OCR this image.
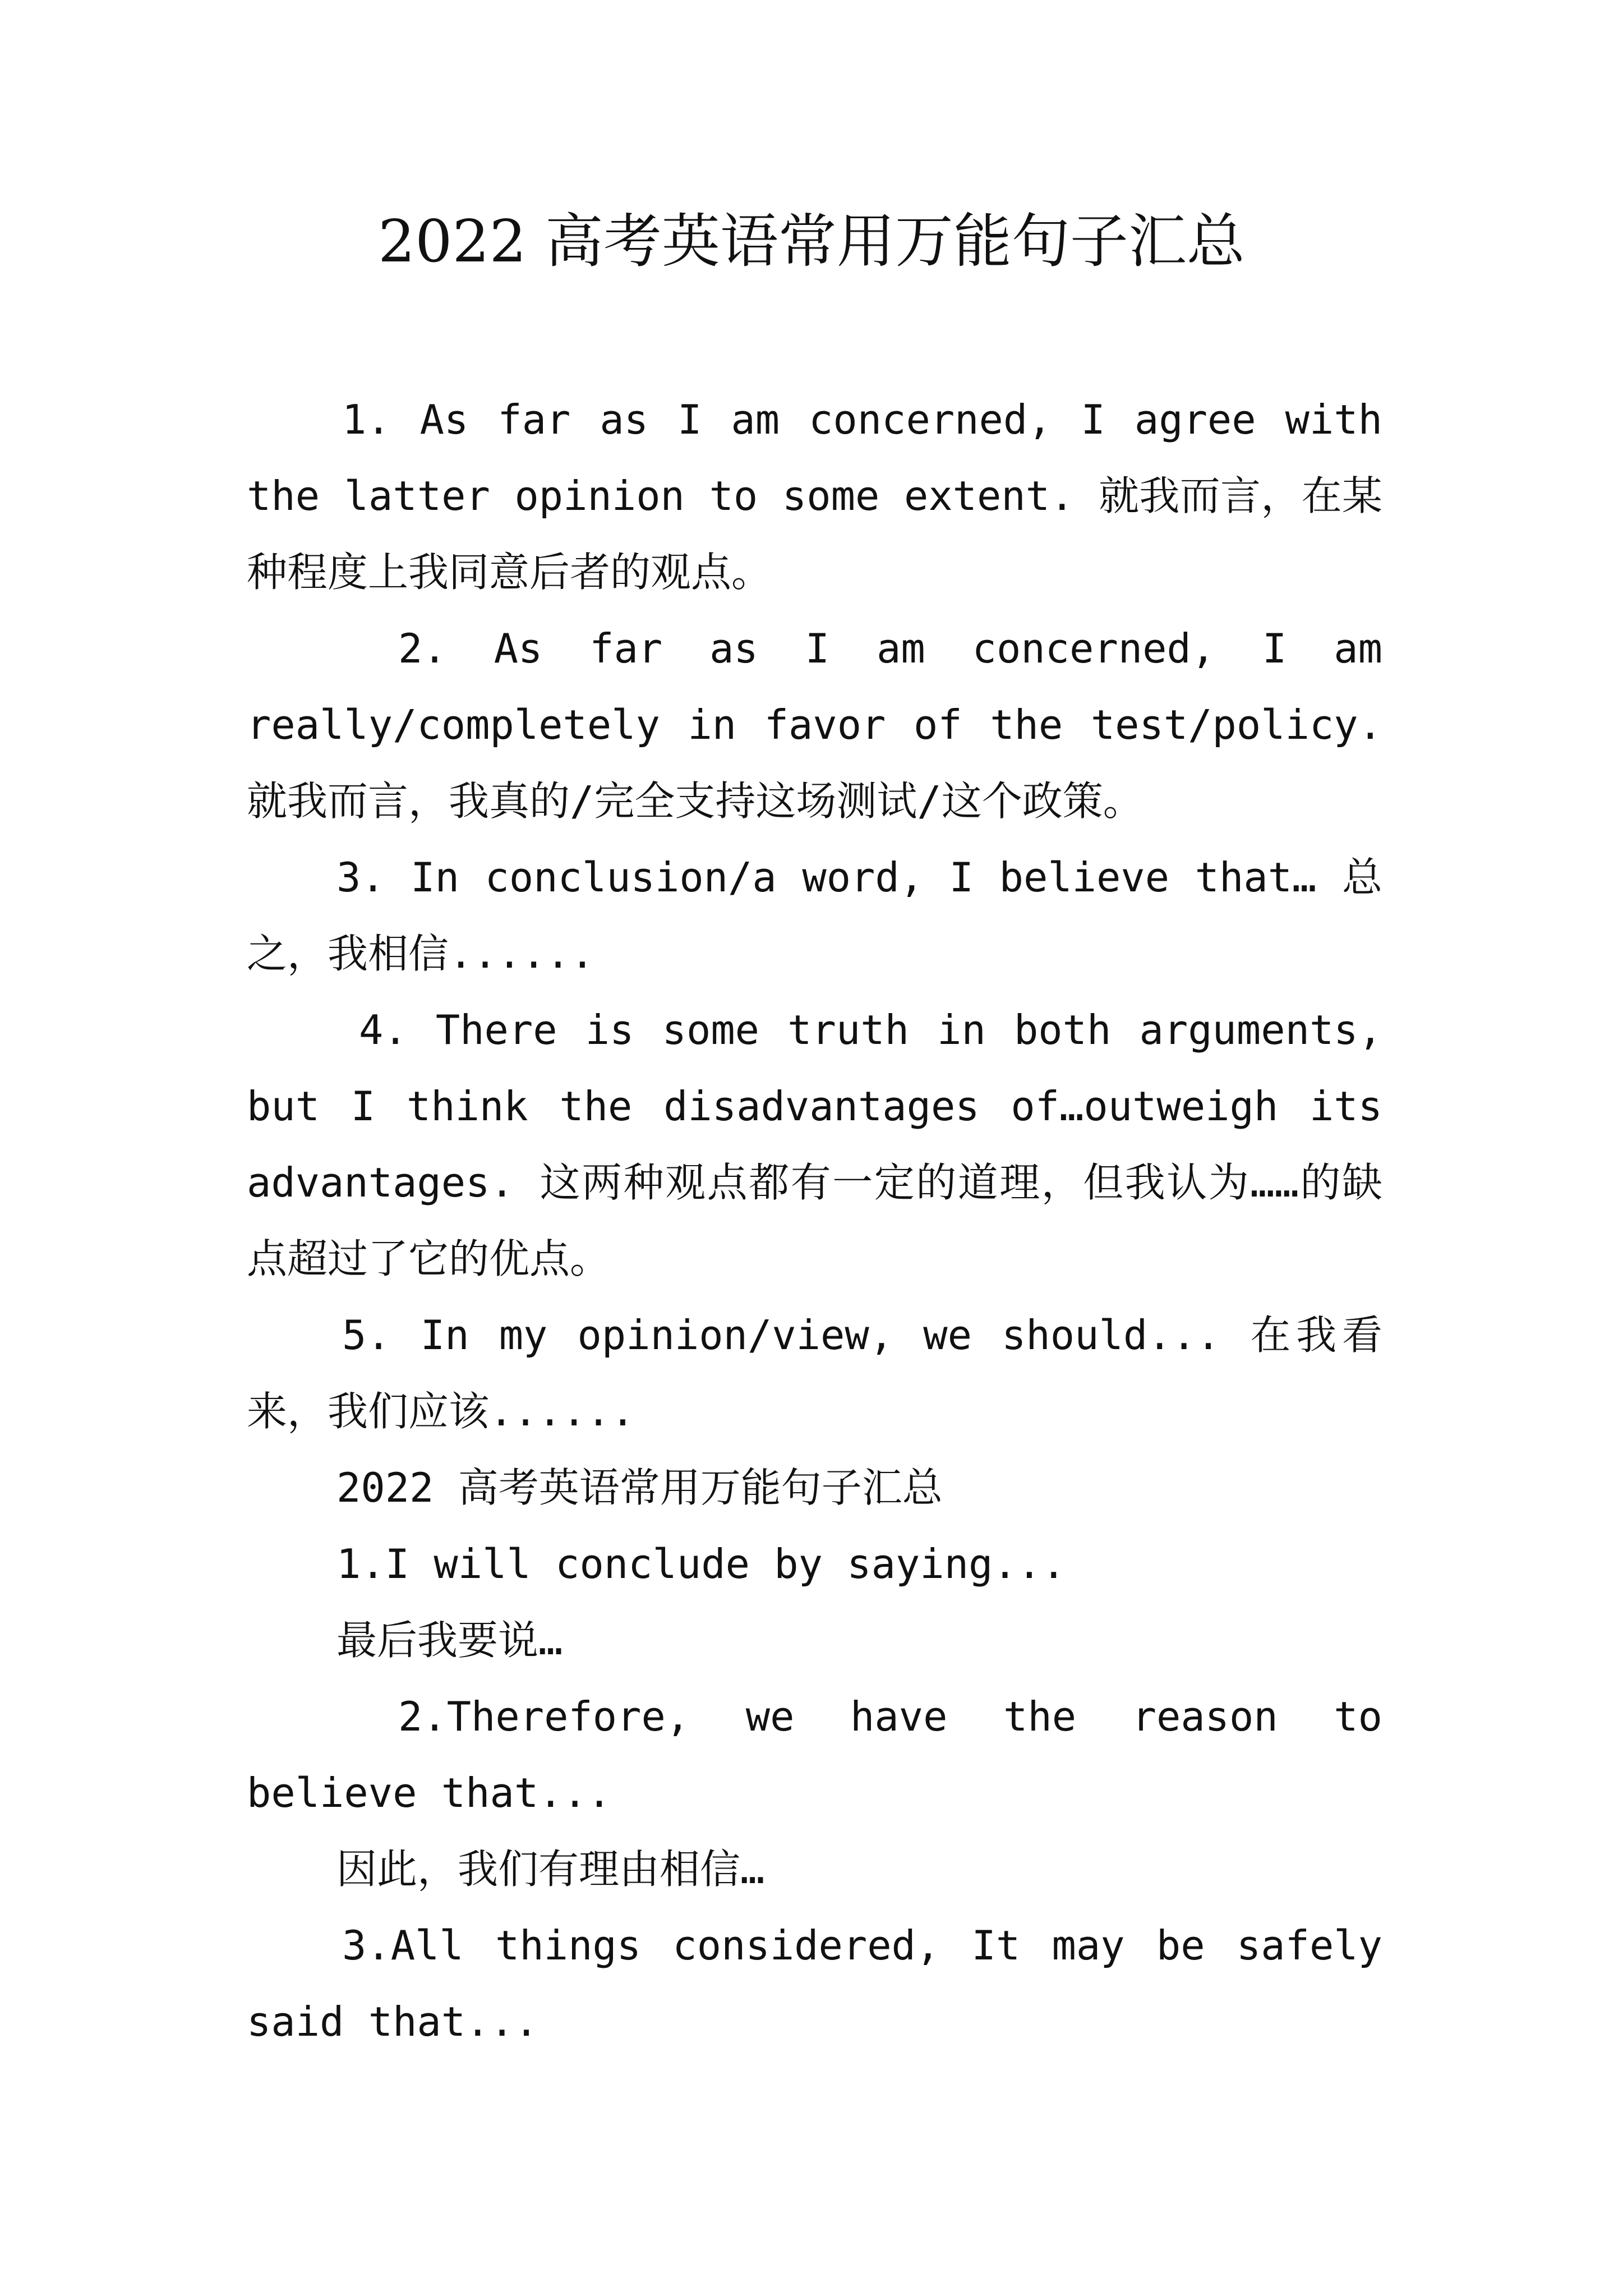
2022 高考英语常用万能句子汇总

1. As far as I am concerned, I agree with the latter opinion to some extent. 就我而言，在某种程度上我同意后者的观点。

2. As far as I am concerned, I am really/completely in favor of the test/policy. 就我而言，我真的/完全支持这场测试/这个政策。

3. In conclusion/a word, I believe that… 总之，我相信......

4. There is some truth in both arguments, but I think the disadvantages of…outweigh its advantages. 这两种观点都有一定的道理，但我认为……的缺点超过了它的优点。

5. In my opinion/view, we should... 在我看来，我们应该......

2022 高考英语常用万能句子汇总

1.I will conclude by saying...

最后我要说…

2.Therefore, we have the reason to believe that...

因此，我们有理由相信…

3.All things considered, It may be safely said that...
